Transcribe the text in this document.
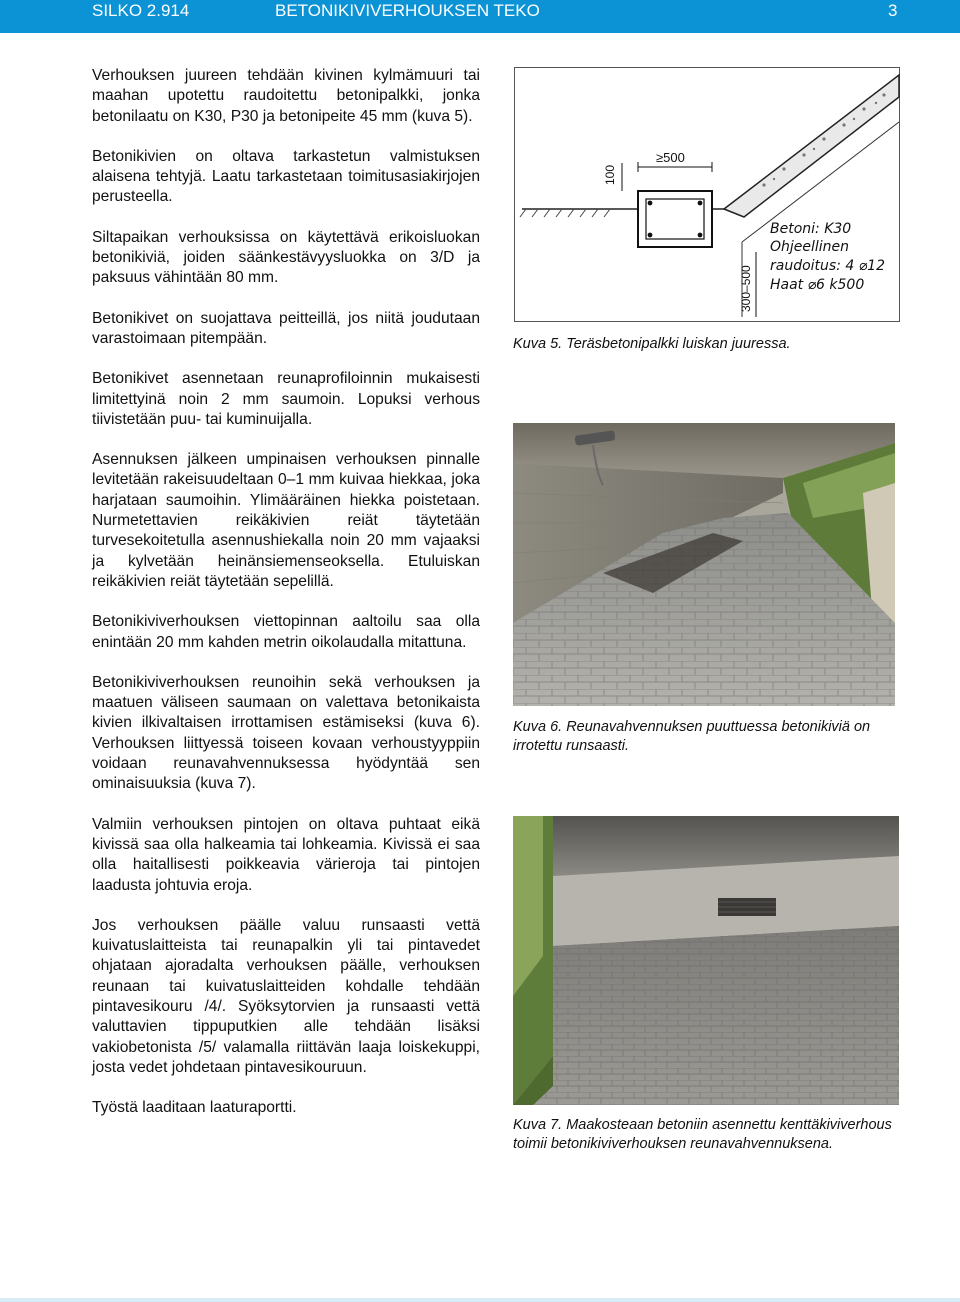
SILKO 2.914	BETONIKIVIVERHOUKSEN TEKO	3

Verhouksen juureen tehdään kivinen kylmämuuri tai maahan upotettu raudoitettu betonipalkki, jonka betonilaatu on K30, P30 ja betonipeite 45 mm (kuva 5).

Betonikivien on oltava tarkastetun valmistuksen alaisena tehtyjä. Laatu tarkastetaan toimitusasiakirjojen perusteella.

Siltapaikan verhouksissa on käytettävä erikoisluokan betonikiviä, joiden säänkestävyysluokka on 3/D ja paksuus vähintään 80 mm.

Betonikivet on suojattava peitteillä, jos niitä joudutaan varastoimaan pitempään.

Betonikivet asennetaan reunaprofiloinnin mukaisesti limitettyinä noin 2 mm saumoin. Lopuksi verhous tiivistetään puu- tai kuminuijalla.

Asennuksen jälkeen umpinaisen verhouksen pinnalle levitetään rakeisuudeltaan 0–1 mm kuivaa hiekkaa, joka harjataan saumoihin. Ylimääräinen hiekka poistetaan. Nurmetettavien reikäkivien reiät täytetään turvesekoitetulla asennushiekalla noin 20 mm vajaaksi ja kylvetään heinänsiemenseoksella. Etuluiskan reikäkivien reiät täytetään sepelillä.

Betonikiviverhouksen viettopinnan aaltoilu saa olla enintään 20 mm kahden metrin oikolaudalla mitattuna.

Betonikiviverhouksen reunoihin sekä verhouksen ja maatuen väliseen saumaan on valettava betonikaista kivien ilkivaltaisen irrottamisen estämiseksi (kuva 6). Verhouksen liittyessä toiseen kovaan verhoustyyppiin voidaan reunavahvennuksessa hyödyntää sen ominaisuuksia (kuva 7).

Valmiin verhouksen pintojen on oltava puhtaat eikä kivissä saa olla halkeamia tai lohkeamia. Kivissä ei saa olla haitallisesti poikkeavia värieroja tai pintojen laadusta johtuvia eroja.

Jos verhouksen päälle valuu runsaasti vettä kuivatuslaitteista tai reunapalkin yli tai pintavedet ohjataan ajoradalta verhouksen päälle, verhouksen reunaan tai kuivatuslaitteiden kohdalle tehdään pintavesikouru /4/. Syöksytorvien ja runsaasti vettä valuttavien tippuputkien alle tehdään lisäksi vakiobetonista /5/ valamalla riittävän laaja loiskekuppi, josta vedet johdetaan pintavesikouruun.

Työstä laaditaan laaturaportti.

≥500
100
300–500
Betoni: K30
Ohjeellinen
raudoitus: 4 ⌀12
Haat ⌀6 k500
Kuva 5. Teräsbetonipalkki luiskan juuressa.
Kuva 6. Reunavahvennuksen puuttuessa betonikiviä on irrotettu runsaasti.
Kuva 7. Maakosteaan betoniin asennettu kenttäkiviverhous toimii betonikiviverhouksen reunavahvennuksena.
